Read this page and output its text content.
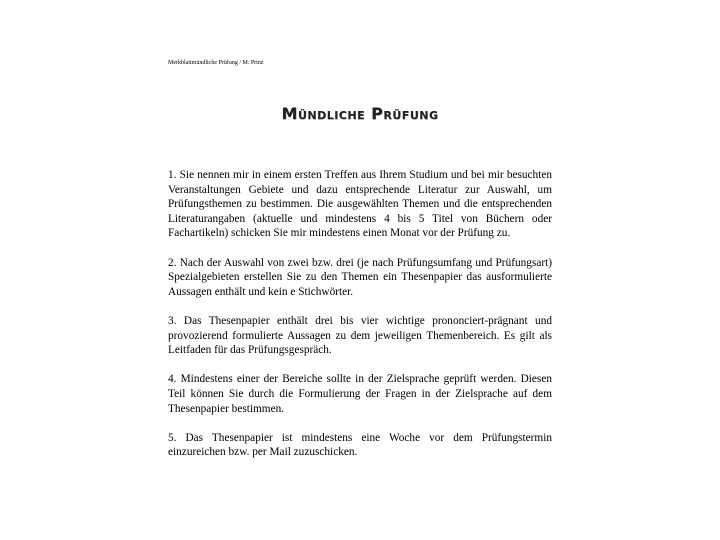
Merkblattmündliche Prüfung / M. Prinz
Mündliche Prüfung

1. Sie nennen mir in einem ersten Treffen aus Ihrem Studium und bei mir besuchten Veranstaltungen Gebiete und dazu entsprechende Literatur zur Auswahl, um Prüfungsthemen zu bestimmen. Die ausgewählten Themen und die entsprechenden Literaturangaben (aktuelle und mindestens 4 bis 5 Titel von Büchern oder Fachartikeln) schicken Sie mir mindestens einen Monat vor der Prüfung zu.

2. Nach der Auswahl von zwei bzw. drei (je nach Prüfungsumfang und Prüfungsart) Spezialgebieten erstellen Sie zu den Themen ein Thesenpapier das ausformulierte Aussagen enthält und kein e Stichwörter.

3. Das Thesenpapier enthält drei bis vier wichtige prononciert-prägnant und provozierend formulierte Aussagen zu dem jeweiligen Themenbereich. Es gilt als Leitfaden für das Prüfungsgespräch.

4. Mindestens einer der Bereiche sollte in der Zielsprache geprüft werden. Diesen Teil können Sie durch die Formulierung der Fragen in der Zielsprache auf dem Thesenpapier bestimmen.

5. Das Thesenpapier ist mindestens eine Woche vor dem Prüfungstermin einzureichen bzw. per Mail zuzuschicken.
